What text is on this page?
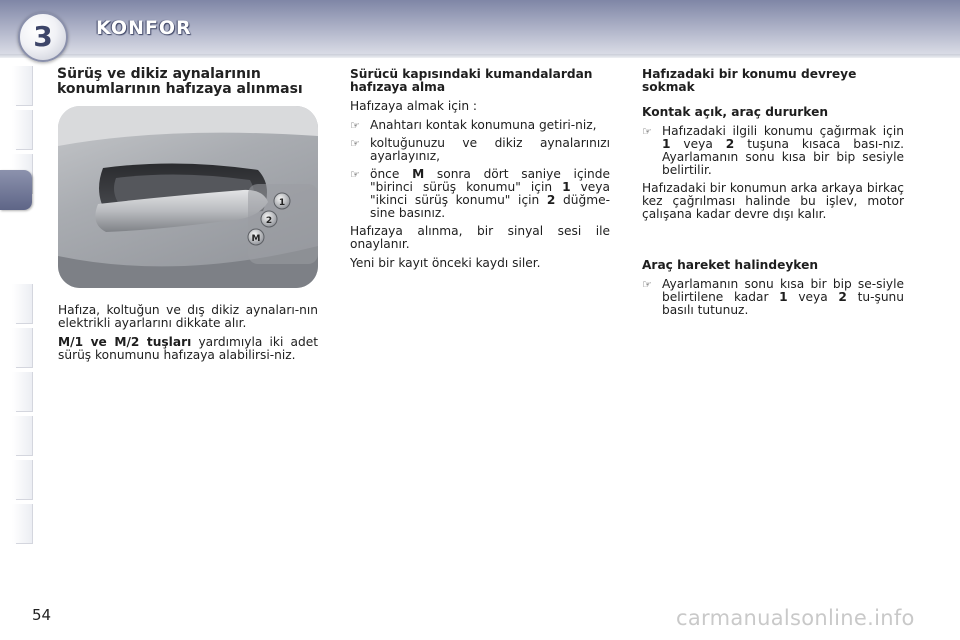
3	KONFOR
Sürüş ve dikiz aynalarının
konumlarının hafızaya alınması
1
2
M

Hafıza, koltuğun ve dış dikiz aynaları-nın elektrikli ayarlarını dikkate alır.

M/1 ve M/2 tuşları yardımıyla iki adet sürüş konumunu hafızaya alabilirsi-niz.

Sürücü kapısındaki kumandalardan hafızaya alma

Hafızaya almak için :

☞ Anahtarı kontak konumuna getiri-niz,
☞ koltuğunuzu ve dikiz aynalarınızı ayarlayınız,
☞ önce M sonra dört saniye içinde "birinci sürüş konumu" için 1 veya "ikinci sürüş konumu" için 2 düğme-sine basınız.

Hafızaya alınma, bir sinyal sesi ile onaylanır.

Yeni bir kayıt önceki kaydı siler.

Hafızadaki bir konumu devreye sokmak
Kontak açık, araç dururken
☞ Hafızadaki ilgili konumu çağırmak için 1 veya 2 tuşuna kısaca bası-nız. Ayarlamanın sonu kısa bir bip sesiyle belirtilir.

Hafızadaki bir konumun arka arkaya birkaç kez çağrılması halinde bu işlev, motor çalışana kadar devre dışı kalır.

Araç hareket halindeyken
☞ Ayarlamanın sonu kısa bir bip se-siyle belirtilene kadar 1 veya 2 tu-şunu basılı tutunuz.
54	carmanualsonline.info
